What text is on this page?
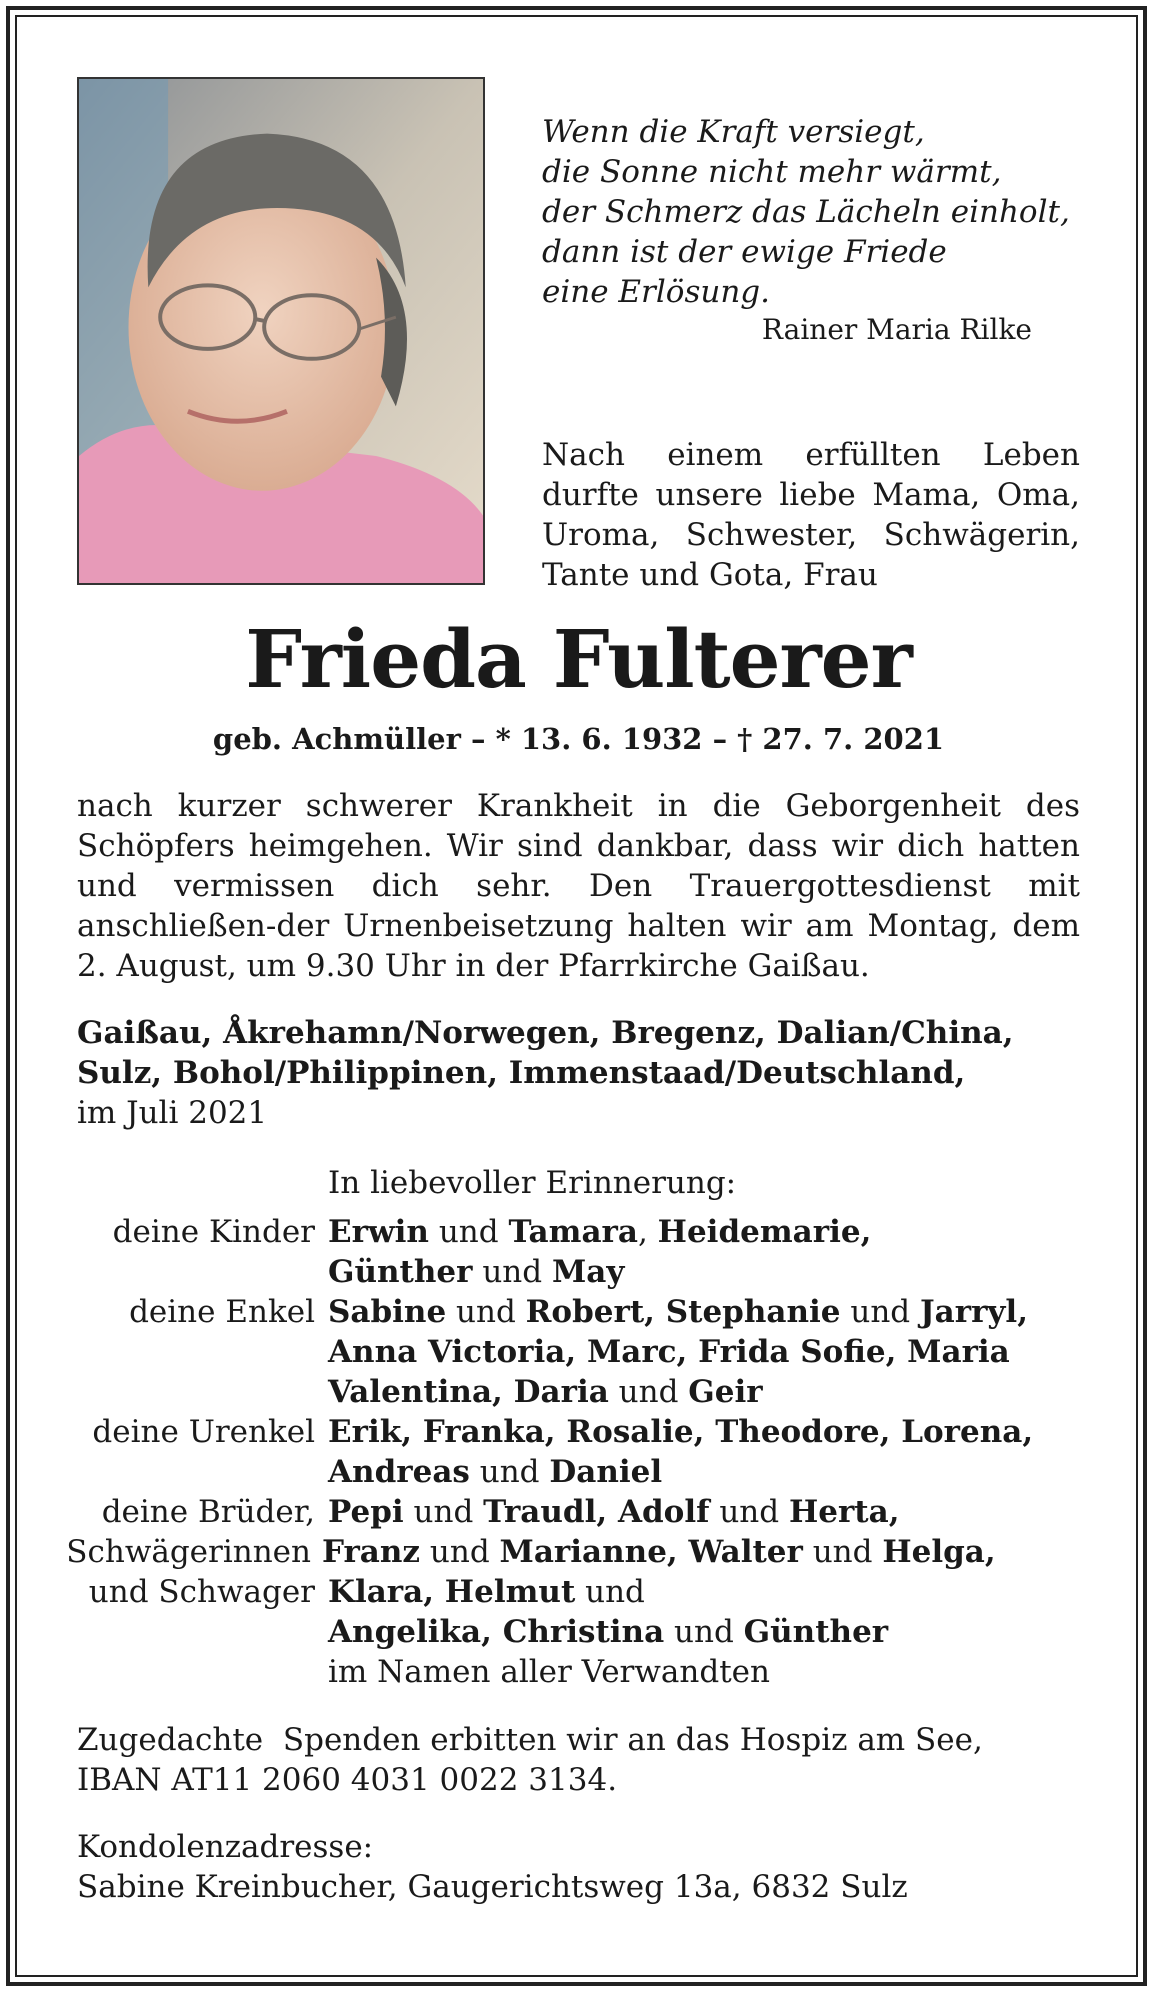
Wenn die Kraft versiegt,
die Sonne nicht mehr wärmt,
der Schmerz das Lächeln einholt,
dann ist der ewige Friede
eine Erlösung.
Rainer Maria Rilke
Nach einem erfüllten Leben durfte unsere liebe Mama, Oma, Uroma, Schwester, Schwägerin, Tante und Gota, Frau
Frieda Fulterer
geb. Achmüller – * 13. 6. 1932 – † 27. 7. 2021
nach kurzer schwerer Krankheit in die Geborgenheit des Schöpfers heimgehen. Wir sind dankbar, dass wir dich hatten und vermissen dich sehr. Den Trauergottesdienst mit anschließen-der Urnenbeisetzung halten wir am Montag, dem 2. August, um 9.30 Uhr in der Pfarrkirche Gaißau.
Gaißau, Åkrehamn/Norwegen, Bregenz, Dalian/China,
Sulz, Bohol/Philippinen, Immenstaad/Deutschland,
im Juli 2021
In liebevoller Erinnerung:
deine Kinder Erwin und Tamara, Heidemarie,
Günther und May
deine Enkel Sabine und Robert, Stephanie und Jarryl,
Anna Victoria, Marc, Frida Sofie, Maria
Valentina, Daria und Geir
deine Urenkel Erik, Franka, Rosalie, Theodore, Lorena,
Andreas und Daniel
deine Brüder, Pepi und Traudl, Adolf und Herta,
Schwägerinnen Franz und Marianne, Walter und Helga,
und Schwager Klara, Helmut und
Angelika, Christina und Günther
im Namen aller Verwandten
Zugedachte  Spenden erbitten wir an das Hospiz am See,
IBAN AT11 2060 4031 0022 3134.
Kondolenzadresse:
Sabine Kreinbucher, Gaugerichtsweg 13a, 6832 Sulz
